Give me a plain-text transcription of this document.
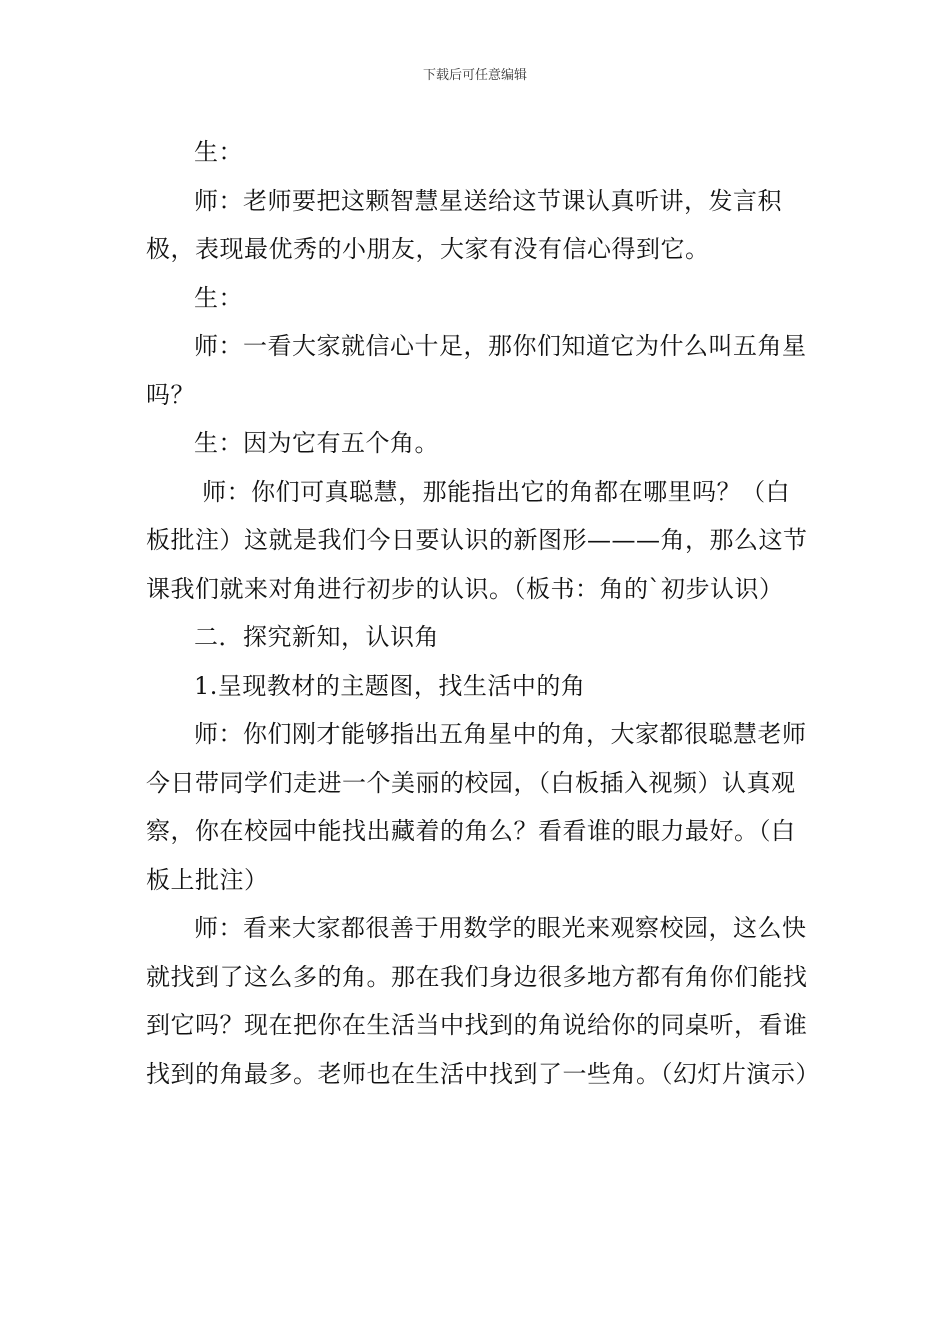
下载后可任意编辑

生：

师：老师要把这颗智慧星送给这节课认真听讲，发言积极，表现最优秀的小朋友，大家有没有信心得到它。

生：

师：一看大家就信心十足，那你们知道它为什么叫五角星吗？

生：因为它有五个角。

师：你们可真聪慧，那能指出它的角都在哪里吗？（白板批注）这就是我们今日要认识的新图形———角，那么这节课我们就来对角进行初步的认识。（板书：角的`初步认识）

二．探究新知，认识角

1.呈现教材的主题图，找生活中的角

师：你们刚才能够指出五角星中的角，大家都很聪慧老师今日带同学们走进一个美丽的校园，（白板插入视频）认真观察，你在校园中能找出藏着的角么？看看谁的眼力最好。（白板上批注）

师：看来大家都很善于用数学的眼光来观察校园，这么快就找到了这么多的角。那在我们身边很多地方都有角你们能找到它吗？现在把你在生活当中找到的角说给你的同桌听，看谁找到的角最多。老师也在生活中找到了一些角。（幻灯片演示）
